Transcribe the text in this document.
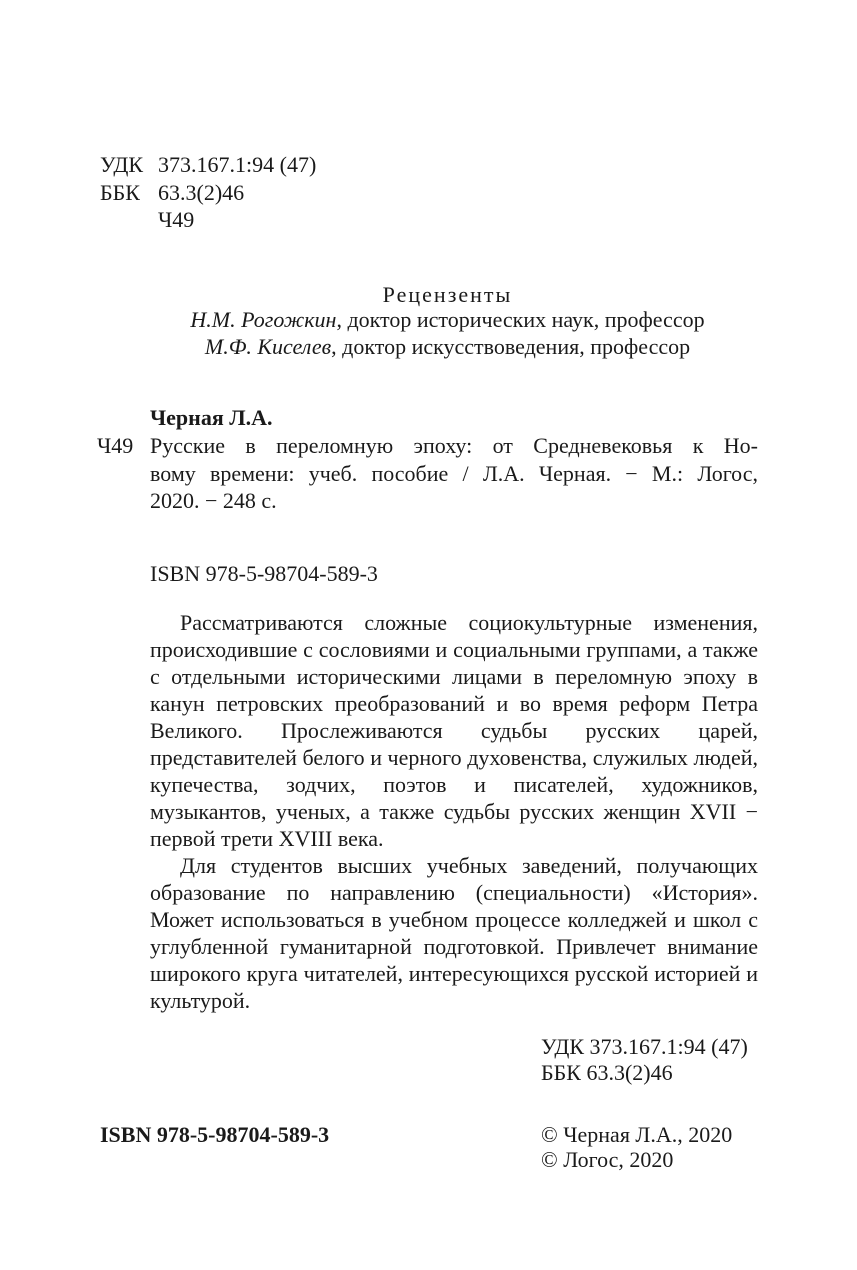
УДК 373.167.1:94 (47)
ББК 63.3(2)46
Ч49
Рецензенты
Н.М. Рогожкин, доктор исторических наук, профессор
М.Ф. Киселев, доктор искусствоведения, профессор
Черная Л.А.
Ч49 Русские в переломную эпоху: от Средневековья к Но-
вому времени: учеб. пособие / Л.А. Черная. − М.: Логос,
2020. − 248 с.
ISBN 978-5-98704-589-3

Рассматриваются сложные социокультурные изменения, происходившие с сословиями и социальными группами, а также с отдельными историческими лицами в переломную эпоху в канун петровских преобразований и во время реформ Петра Великого. Прослеживаются судьбы русских царей, представителей белого и черного духовенства, служилых людей, купечества, зодчих, поэтов и писателей, художников, музыкантов, ученых, а также судьбы русских женщин XVII − первой трети XVIII века.

Для студентов высших учебных заведений, получающих образование по направлению (специальности) «История». Может использоваться в учебном процессе колледжей и школ с углубленной гуманитарной подготовкой. Привлечет внимание широкого круга читателей, интересующихся русской историей и культурой.

УДК 373.167.1:94 (47)
ББК 63.3(2)46
ISBN 978-5-98704-589-3	© Черная Л.А., 2020
© Логос, 2020
